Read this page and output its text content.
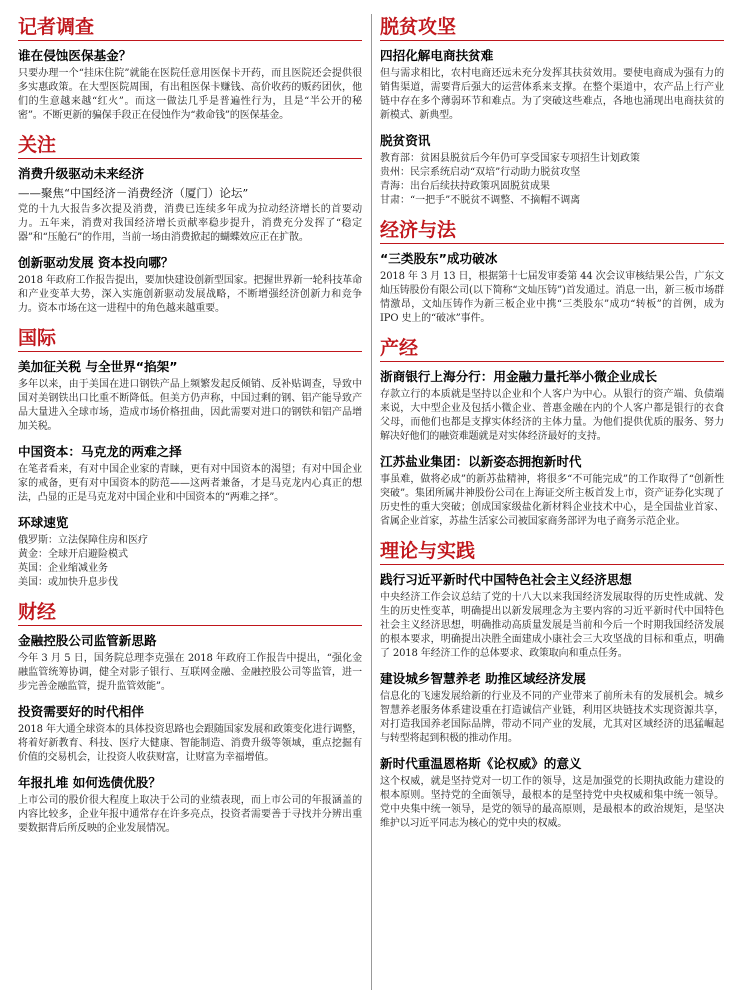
记者调查
谁在侵蚀医保基金？
只要办理一个“挂床住院”就能在医院任意用医保卡开药，而且医院还会提供很多实惠政策。在大型医院周围，有出租医保卡赚钱、高价收药的贩药团伙，他们的生意越来越“红火”。而这一做法几乎是普遍性行为，且是“半公开的秘密”。不断更新的骗保手段正在侵蚀作为“救命钱”的医保基金。
关注
消费升级驱动未来经济
——聚焦“中国经济－消费经济（厦门）论坛”
党的十九大报告多次提及消费，消费已连续多年成为拉动经济增长的首要动力。五年来，消费对我国经济增长贡献率稳步提升，消费充分发挥了“稳定器”和“压舱石”的作用，当前一场由消费掀起的蝴蝶效应正在扩散。
创新驱动发展 资本投向哪？
2018 年政府工作报告提出，要加快建设创新型国家。把握世界新一轮科技革命和产业变革大势，深入实施创新驱动发展战略，不断增强经济创新力和竞争力。资本市场在这一进程中的角色越来越重要。
国际
美加征关税 与全世界“掐架”
多年以来，由于美国在进口钢铁产品上频繁发起反倾销、反补贴调查，导致中国对美钢铁出口比重不断降低。但美方仍声称，中国过剩的钢、铝产能导致产品大量进入全球市场，造成市场价格扭曲，因此需要对进口的钢铁和铝产品增加关税。
中国资本：马克龙的两难之择
在笔者看来，有对中国企业家的青睐，更有对中国资本的渴望；有对中国企业家的戒备，更有对中国资本的防范——这两者兼备，才是马克龙内心真正的想法，凸显的正是马克龙对中国企业和中国资本的“两难之择”。
环球速览
俄罗斯：立法保障住房和医疗
黄金：全球开启避险模式
英国：企业缩减业务
美国：或加快升息步伐
财经
金融控股公司监管新思路
今年 3 月 5 日，国务院总理李克强在 2018 年政府工作报告中提出，“强化金融监管统筹协调，健全对影子银行、互联网金融、金融控股公司等监管，进一步完善金融监管，提升监管效能”。
投资需要好的时代相伴
2018 年大通全球资本的具体投资思路也会跟随国家发展和政策变化进行调整，将着好新教育、科技、医疗大健康、智能制造、消费升级等领域，重点挖掘有价值的交易机会，让投资人收获财富，让财富为幸福增值。
年报扎堆 如何选债优股？
上市公司的股价很大程度上取决于公司的业绩表现，而上市公司的年报涵盖的内容比较多，企业年报中通常存在许多亮点，投资者需要善于寻找并分辨出重要数据背后所反映的企业发展情况。
脱贫攻坚
四招化解电商扶贫难
但与需求相比，农村电商还远未充分发挥其扶贫效用。要使电商成为强有力的销售渠道，需要背后强大的运营体系来支撑。在整个渠道中，农产品上行产业链中存在多个薄弱环节和难点。为了突破这些难点，各地也涌现出电商扶贫的新模式、新典型。
脱贫资讯
教育部：贫困县脱贫后今年仍可享受国家专项招生计划政策
贵州：民宗系统启动“双培”行动助力脱贫攻坚
青海：出台后续扶持政策巩固脱贫成果
甘肃：“一把手”不脱贫不调整、不摘帽不调离
经济与法
“三类股东”成功破冰
2018 年 3 月 13 日，根据第十七届发审委第 44 次会议审核结果公告，广东文灿压铸股份有限公司(以下简称“文灿压铸”)首发通过。消息一出，新三板市场群情激昂，文灿压铸作为新三板企业中携“三类股东”成功“转板”的首例，成为 IPO 史上的“破冰”事件。
产经
浙商银行上海分行：用金融力量托举小微企业成长
存款立行的本质就是坚持以企业和个人客户为中心。从银行的资产端、负债端来说，大中型企业及包括小微企业、普惠金融在内的个人客户都是银行的衣食父母，而他们也都是支撑实体经济的主体力量。为他们提供优质的服务、努力解决好他们的融资难题就是对实体经济最好的支持。
江苏盐业集团：以新姿态拥抱新时代
事虽难，做将必成”的新苏盐精神，将很多“不可能完成”的工作取得了“创新性突破”。集团所属井神股份公司在上海证交所主板首发上市，资产证券化实现了历史性的重大突破；创成国家级盐化新材料企业技术中心，是全国盐业首家、省属企业首家，苏盐生活家公司被国家商务部评为电子商务示范企业。
理论与实践
践行习近平新时代中国特色社会主义经济思想
中央经济工作会议总结了党的十八大以来我国经济发展取得的历史性成就、发生的历史性变革，明确提出以新发展理念为主要内容的习近平新时代中国特色社会主义经济思想，明确推动高质量发展是当前和今后一个时期我国经济发展的根本要求，明确提出决胜全面建成小康社会三大攻坚战的目标和重点，明确了 2018 年经济工作的总体要求、政策取向和重点任务。
建设城乡智慧养老 助推区域经济发展
信息化的飞速发展给新的行业及不同的产业带来了前所未有的发展机会。城乡智慧养老服务体系建设重在打造诚信产业链，利用区块链技术实现资源共享，对打造我国养老国际品牌，带动不同产业的发展，尤其对区域经济的迅猛崛起与转型将起到积极的推动作用。
新时代重温恩格斯《论权威》的意义
这个权威，就是坚持党对一切工作的领导，这是加强党的长期执政能力建设的根本原则。坚持党的全面领导，最根本的是坚持党中央权威和集中统一领导。党中央集中统一领导，是党的领导的最高原则，是最根本的政治规矩，是坚决维护以习近平同志为核心的党中央的权威。
